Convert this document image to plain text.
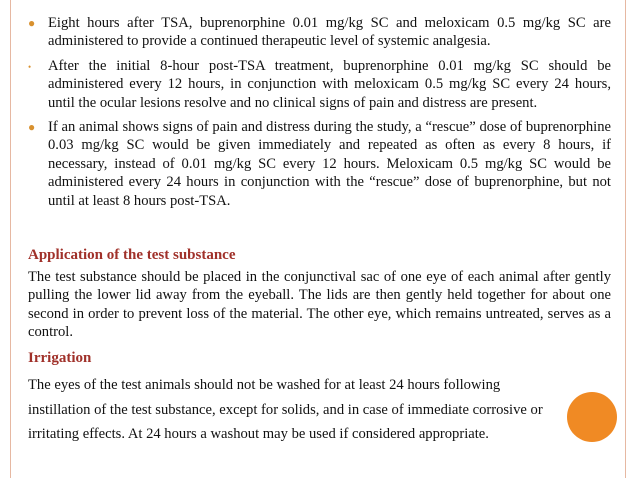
● Eight hours after TSA, buprenorphine 0.01 mg/kg SC and meloxicam 0.5 mg/kg SC are administered to provide a continued therapeutic level of systemic analgesia.
• After the initial 8-hour post-TSA treatment, buprenorphine 0.01 mg/kg SC should be administered every 12 hours, in conjunction with meloxicam 0.5 mg/kg SC every 24 hours, until the ocular lesions resolve and no clinical signs of pain and distress are present.
● If an animal shows signs of pain and distress during the study, a “rescue” dose of buprenorphine 0.03 mg/kg SC would be given immediately and repeated as often as every 8 hours, if necessary, instead of 0.01 mg/kg SC every 12 hours. Meloxicam 0.5 mg/kg SC would be administered every 24 hours in conjunction with the “rescue” dose of buprenorphine, but not until at least 8 hours post-TSA.
Application of the test substance
The test substance should be placed in the conjunctival sac of one eye of each animal after gently pulling the lower lid away from the eyeball. The lids are then gently held together for about one second in order to prevent loss of the material. The other eye, which remains untreated, serves as a control.
Irrigation
The eyes of the test animals should not be washed for at least 24 hours following
instillation of the test substance, except for solids, and in case of immediate corrosive or
irritating effects. At 24 hours a washout may be used if considered appropriate.
